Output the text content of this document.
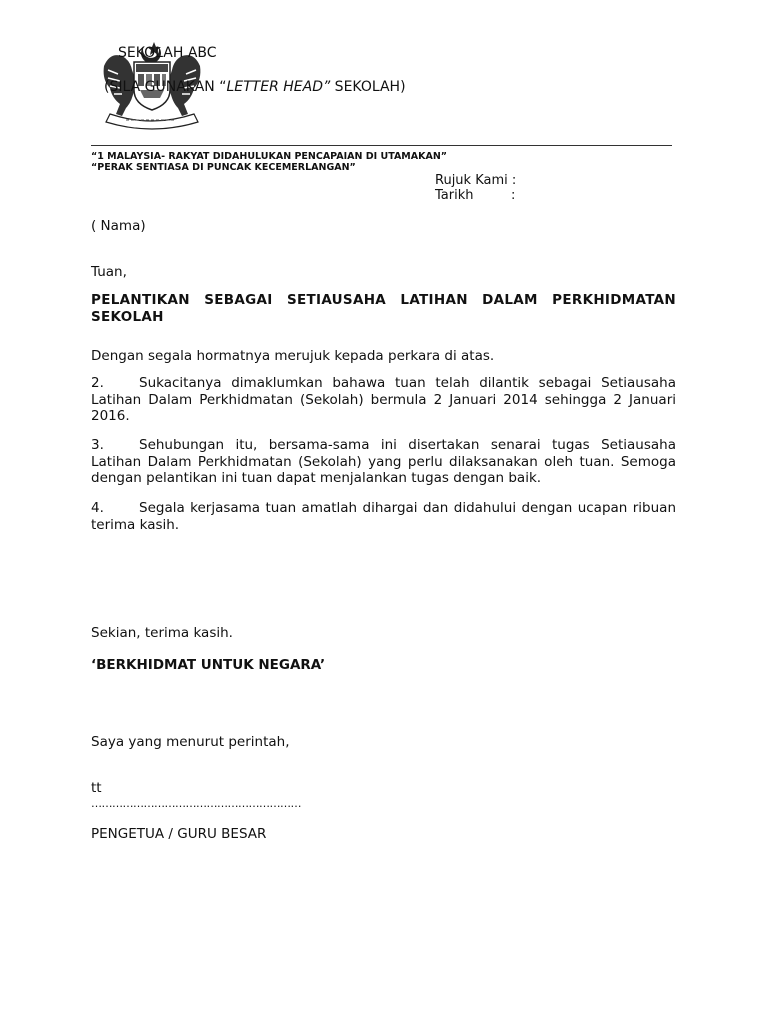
SEKOLAH ABC
(SILA GUNAKAN “LETTER HEAD” SEKOLAH)
“1 MALAYSIA- RAKYAT DIDAHULUKAN PENCAPAIAN DI UTAMAKAN”
“PERAK SENTIASA DI PUNCAK KECEMERLANGAN”
Rujuk Kami :
Tarikh	:
( Nama)
Tuan,
PELANTIKAN SEBAGAI SETIAUSAHA LATIHAN DALAM PERKHIDMATAN SEKOLAH
Dengan segala hormatnya merujuk kepada perkara di atas.
2.	Sukacitanya dimaklumkan bahawa tuan telah dilantik sebagai Setiausaha Latihan Dalam Perkhidmatan (Sekolah) bermula 2 Januari 2014 sehingga 2 Januari 2016.
3.	Sehubungan itu, bersama-sama ini disertakan senarai tugas Setiausaha Latihan Dalam Perkhidmatan (Sekolah) yang perlu dilaksanakan oleh tuan. Semoga dengan pelantikan ini tuan dapat menjalankan tugas dengan baik.
4.	Segala kerjasama tuan amatlah dihargai dan didahului dengan ucapan ribuan terima kasih.
Sekian, terima kasih.
‘BERKHIDMAT UNTUK NEGARA’
Saya yang menurut perintah,
tt
……………………………………………………
PENGETUA / GURU BESAR
